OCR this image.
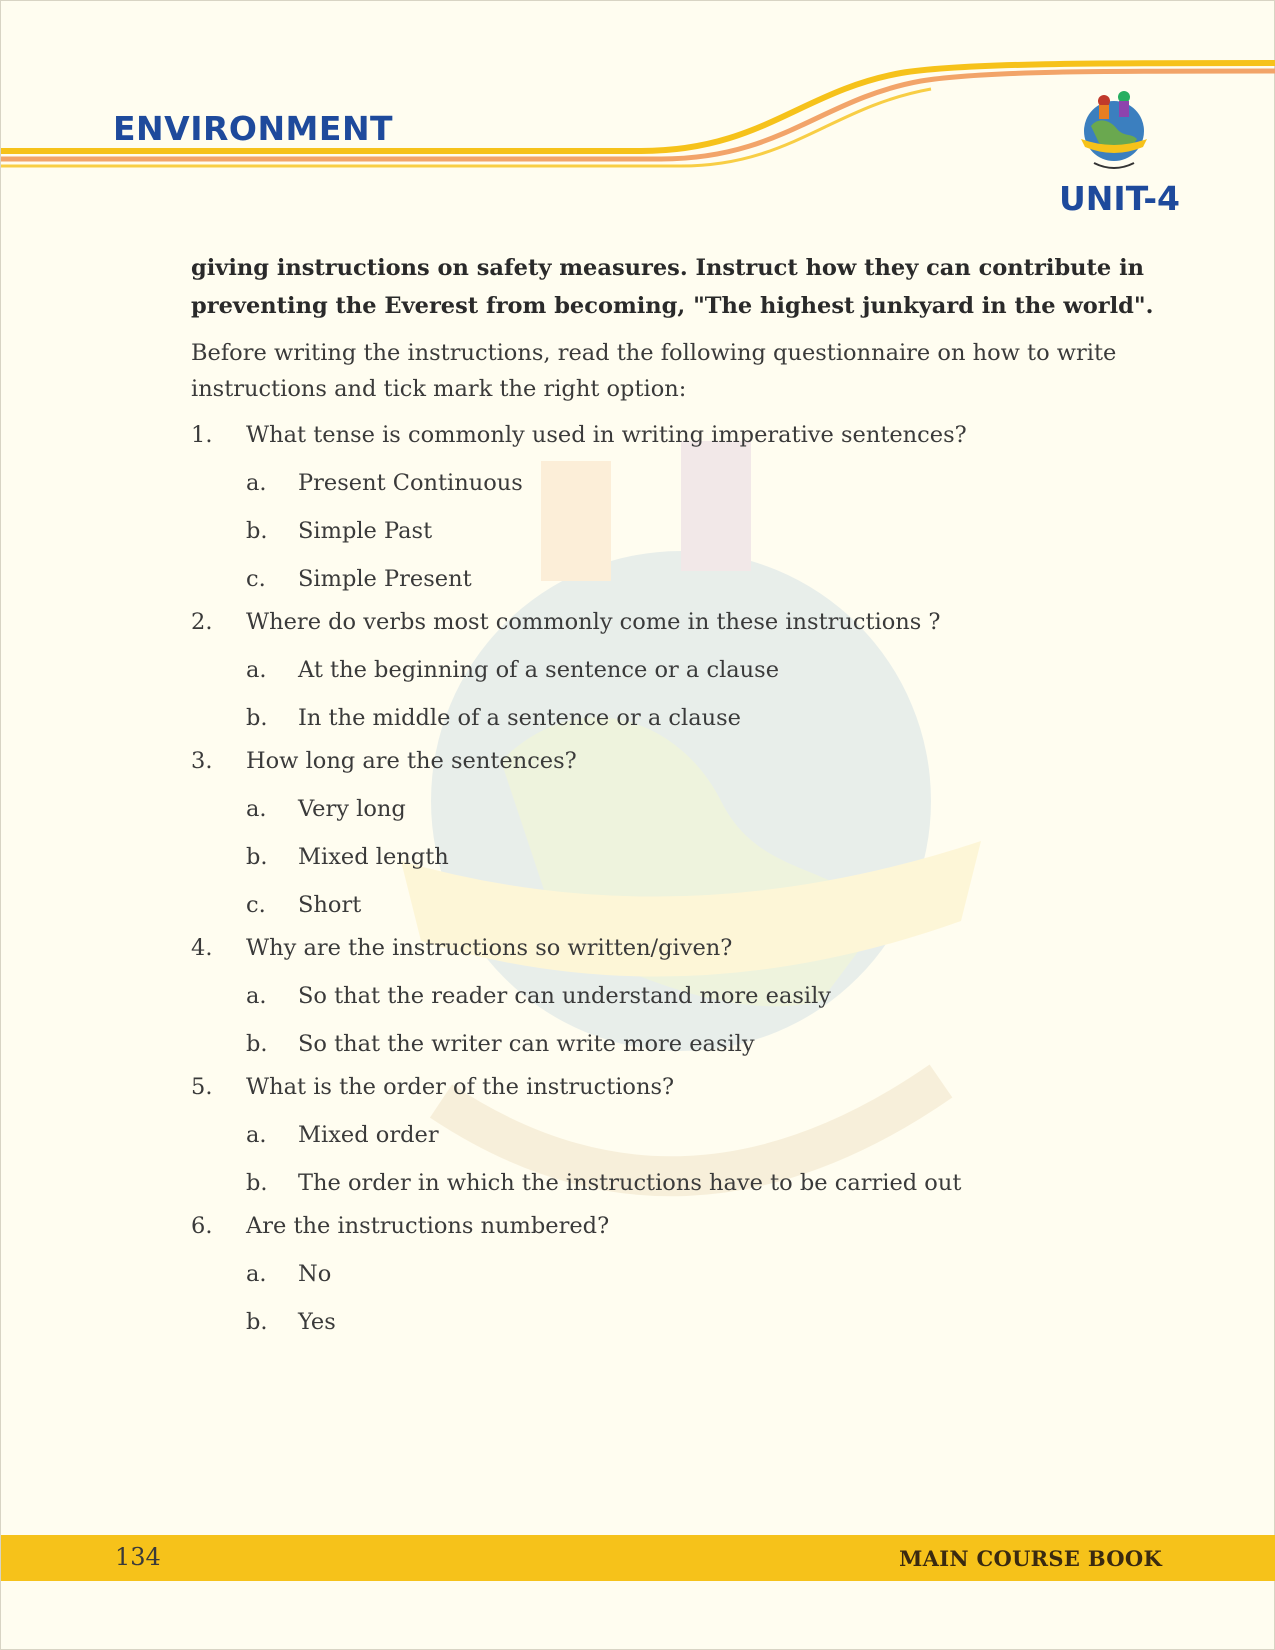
ENVIRONMENT
UNIT-4

giving instructions on safety measures. Instruct how they can contribute in preventing the Everest from becoming, "The highest junkyard in the world".

Before writing the instructions, read the following questionnaire on how to write instructions and tick mark the right option:

1.	What tense is commonly used in writing imperative sentences?
a.	Present Continuous
b.	Simple Past
c.	Simple Present
2.	Where do verbs most commonly come in these instructions ?
a.	At the beginning of a sentence or a clause
b.	In the middle of a sentence or a clause
3.	How long are the sentences?
a.	Very long
b.	Mixed length
c.	Short
4.	Why are the instructions so written/given?
a.	So that the reader can understand more easily
b.	So that the writer can write more easily
5.	What is the order of the instructions?
a.	Mixed order
b.	The order in which the instructions have to be carried out
6.	Are the instructions numbered?
a.	No
b.	Yes
134	MAIN COURSE BOOK
